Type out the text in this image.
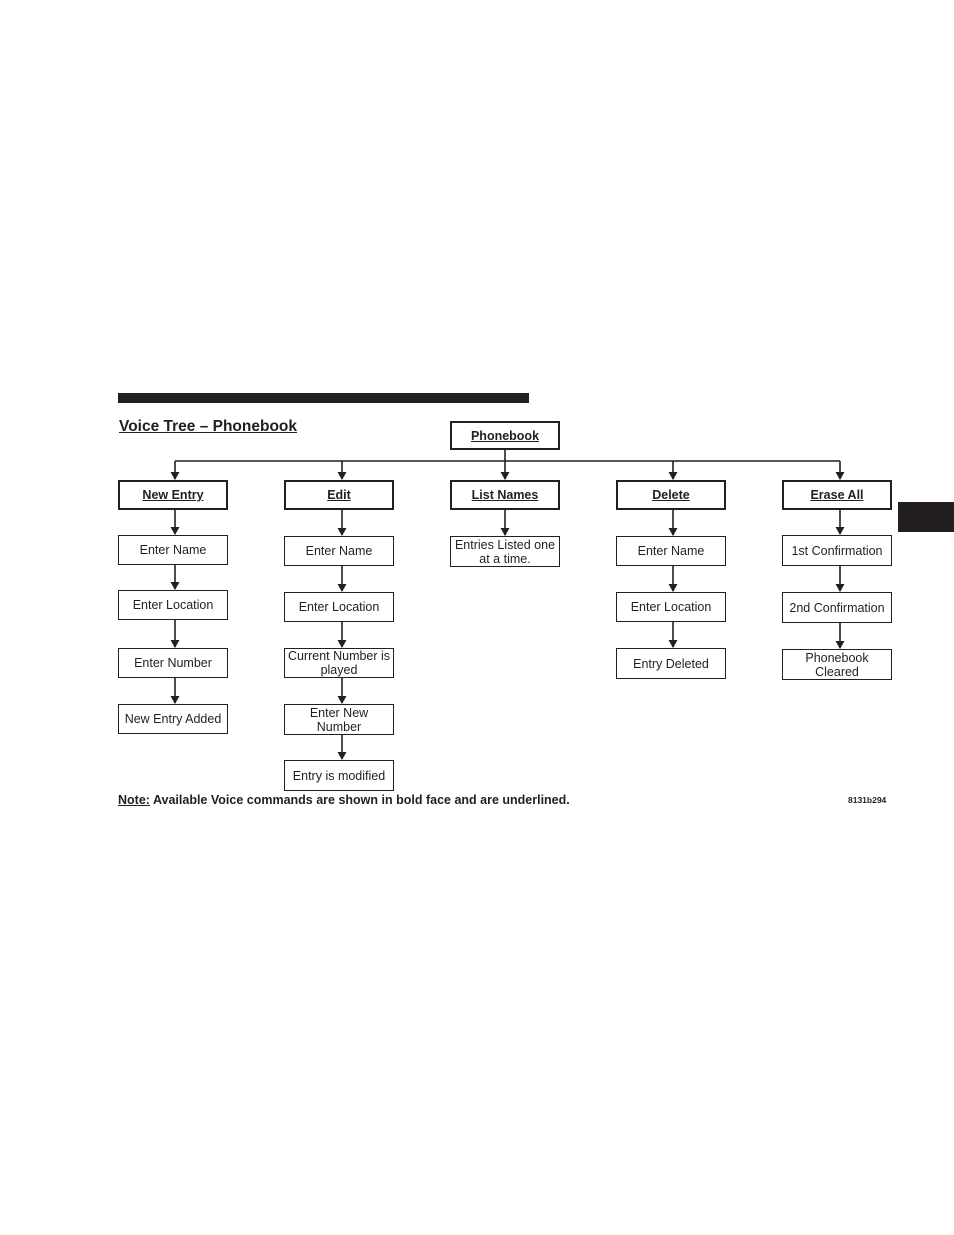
Voice Tree – Phonebook
Phonebook
New Entry
Enter Name
Enter Location
Enter Number
New Entry Added
Edit
Enter Name
Enter Location
Current Number is played
Enter New Number
Entry is modified
List Names
Entries Listed one at a time.
Delete
Enter Name
Enter Location
Entry Deleted
Erase All
1st Confirmation
2nd Confirmation
Phonebook Cleared
Note: Available Voice commands are shown in bold face and are underlined.	8131b294
